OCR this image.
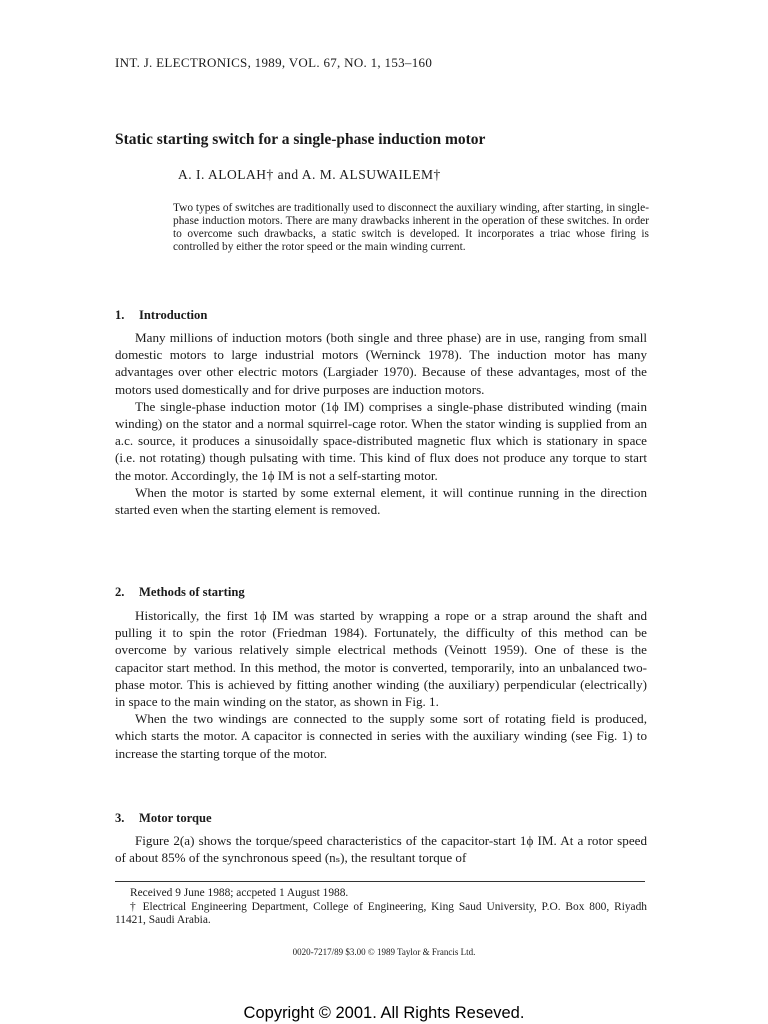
INT. J. ELECTRONICS, 1989, VOL. 67, NO. 1, 153–160
Static starting switch for a single-phase induction motor
A. I. ALOLAH† and A. M. ALSUWAILEM†

Two types of switches are traditionally used to disconnect the auxiliary winding, after starting, in single-phase induction motors. There are many drawbacks inherent in the operation of these switches. In order to overcome such drawbacks, a static switch is developed. It incorporates a triac whose firing is controlled by either the rotor speed or the main winding current.

1. Introduction

Many millions of induction motors (both single and three phase) are in use, ranging from small domestic motors to large industrial motors (Werninck 1978). The induction motor has many advantages over other electric motors (Largiader 1970). Because of these advantages, most of the motors used domestically and for drive purposes are induction motors.

The single-phase induction motor (1ϕ IM) comprises a single-phase distributed winding (main winding) on the stator and a normal squirrel-cage rotor. When the stator winding is supplied from an a.c. source, it produces a sinusoidally space-distributed magnetic flux which is stationary in space (i.e. not rotating) though pulsating with time. This kind of flux does not produce any torque to start the motor. Accordingly, the 1ϕ IM is not a self-starting motor.

When the motor is started by some external element, it will continue running in the direction started even when the starting element is removed.

2. Methods of starting

Historically, the first 1ϕ IM was started by wrapping a rope or a strap around the shaft and pulling it to spin the rotor (Friedman 1984). Fortunately, the difficulty of this method can be overcome by various relatively simple electrical methods (Veinott 1959). One of these is the capacitor start method. In this method, the motor is converted, temporarily, into an unbalanced two-phase motor. This is achieved by fitting another winding (the auxiliary) perpendicular (electrically) in space to the main winding on the stator, as shown in Fig. 1.

When the two windings are connected to the supply some sort of rotating field is produced, which starts the motor. A capacitor is connected in series with the auxiliary winding (see Fig. 1) to increase the starting torque of the motor.

3. Motor torque

Figure 2(a) shows the torque/speed characteristics of the capacitor-start 1ϕ IM. At a rotor speed of about 85% of the synchronous speed (nₛ), the resultant torque of

Received 9 June 1988; accpeted 1 August 1988.

† Electrical Engineering Department, College of Engineering, King Saud University, P.O. Box 800, Riyadh 11421, Saudi Arabia.

0020-7217/89 $3.00 © 1989 Taylor & Francis Ltd.
Copyright © 2001. All Rights Reseved.
